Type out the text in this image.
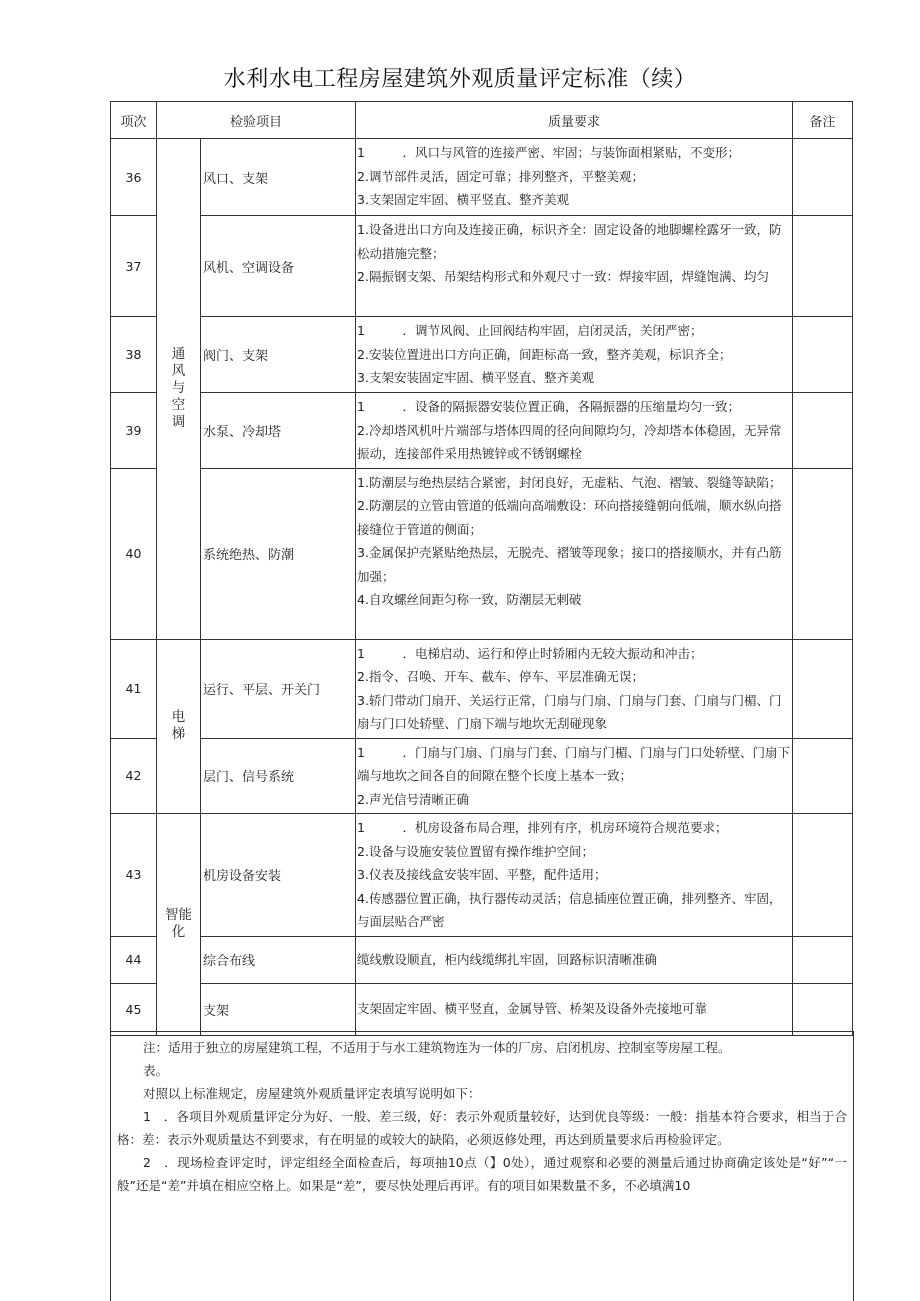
水利水电工程房屋建筑外观质量评定标准（续）
项次	检验项目		质量要求	备注
36	通风与空调	风口、支架	1　　　．风口与风管的连接严密、牢固；与装饰面相紧贴，不变形；
2.调节部件灵活，固定可靠；排列整齐，平整美观；
3.支架固定牢固、横平竖直、整齐美观	

37		风机、空调设备	1.设备进出口方向及连接正确，标识齐全：固定设备的地脚螺栓露牙一致，防松动措施完整；
2.隔振钢支架、吊架结构形式和外观尺寸一致：焊接牢固，焊缝饱满、均匀	

38		阀门、支架	1　　　．调节风阀、止回阀结构牢固，启闭灵活，关闭严密；
2.安装位置进出口方向正确，间距标高一致，整齐美观，标识齐全；
3.支架安装固定牢固、横平竖直、整齐美观	

39		水泵、冷却塔	1　　　．设备的隔振器安装位置正确，各隔振器的压缩量均匀一致；
2.冷却塔风机叶片端部与塔体四周的径向间隙均匀，冷却塔本体稳固，无异常振动，连接部件采用热镀锌或不锈钢螺栓	

40		系统绝热、防潮	1.防潮层与绝热层结合紧密，封闭良好，无虚粘、气泡、褶皱、裂缝等缺陷；
2.防潮层的立管由管道的低端向高端敷设：环向搭接缝朝向低端，顺水纵向搭接缝位于管道的侧面；
3.金属保护壳紧贴绝热层，无脱壳、褶皱等现象；接口的搭接顺水，并有凸筋加强；
4.自攻螺丝间距匀称一致，防潮层无剌破	

41	电梯	运行、平层、开关门	1　　　．电梯启动、运行和停止时轿厢内无较大振动和冲击；
2.指令、召唤、开车、截车、停车、平层准确无误；
3.轿门带动门扇开、关运行正常，门扇与门扇、门扇与门套、门扇与门楣、门扇与门口处轿壁、门扇下端与地坎无刮碰现象	

42		层门、信号系统	1　　　．门扇与门扇、门扇与门套、门扇与门楣、门扇与门口处轿壁、门扇下端与地坎之间各自的间隙在整个长度上基本一致；
2.声光信号清晰正确	

43	智能化	机房设备安装	1　　　．机房设备布局合理，排列有序，机房环境符合规范要求；
2.设备与设施安装位置留有操作维护空间；
3.仪表及接线盒安装牢固、平整，配件适用；
4.传感器位置正确，执行器传动灵活；信息插座位置正确，排列整齐、牢固，与面层贴合严密	

44		综合布线	缆线敷设顺直，柜内线缆绑扎牢固，回路标识清晰准确	

45		支架	支架固定牢固、横平竖直，金属导管、桥架及设备外壳接地可靠	

注：适用于独立的房屋建筑工程，不适用于与水工建筑物连为一体的厂房、启闭机房、控制室等房屋工程。

表。

对照以上标准规定，房屋建筑外观质量评定表填写说明如下：

1　．各项目外观质量评定分为好、一般、差三级，好：表示外观质量较好，达到优良等级：一般：指基本符合要求，相当于合格：差：表示外观质量达不到要求，有在明显的或较大的缺陷，必须返修处理，再达到质量要求后再检验评定。

2　．现场检查评定时，评定组经全面检查后，每项抽10点（】0处），通过观察和必要的测量后通过协商确定该处是“好”“一般”还是“差”并填在相应空格上。如果是“差”，要尽快处理后再评。有的项目如果数量不多，不必填满10
